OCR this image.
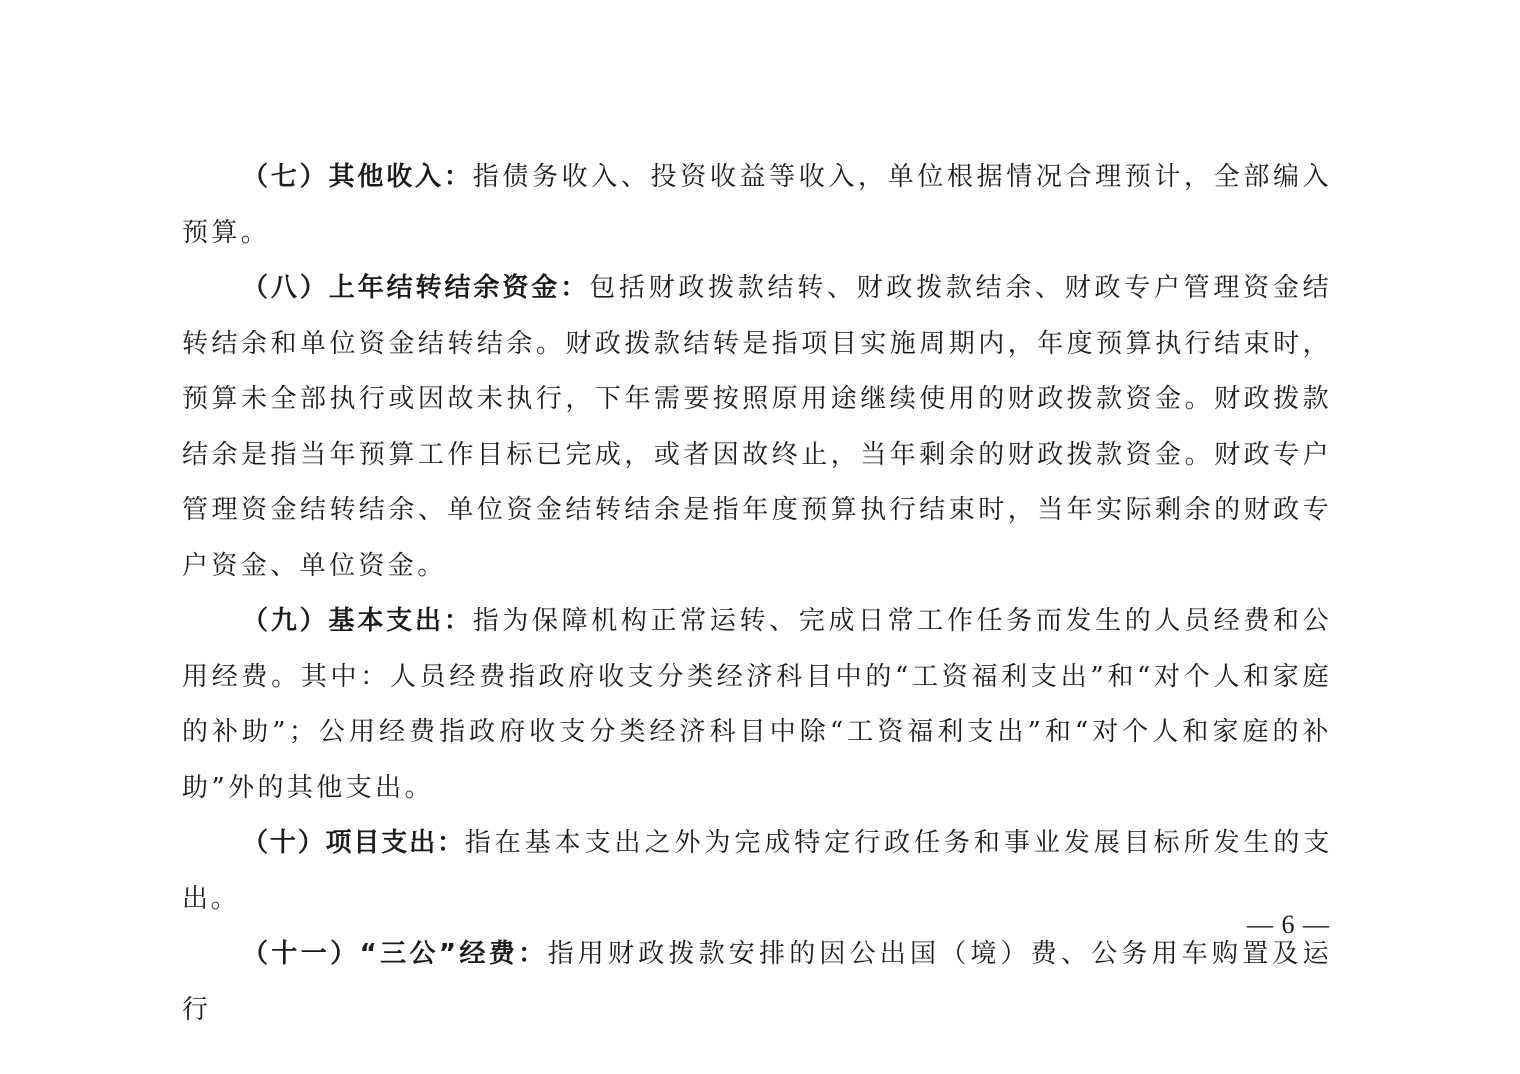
（七）其他收入：指债务收入、投资收益等收入，单位根据情况合理预计，全部编入预算。

（八）上年结转结余资金：包括财政拨款结转、财政拨款结余、财政专户管理资金结转结余和单位资金结转结余。财政拨款结转是指项目实施周期内，年度预算执行结束时，预算未全部执行或因故未执行，下年需要按照原用途继续使用的财政拨款资金。财政拨款结余是指当年预算工作目标已完成，或者因故终止，当年剩余的财政拨款资金。财政专户管理资金结转结余、单位资金结转结余是指年度预算执行结束时，当年实际剩余的财政专户资金、单位资金。

（九）基本支出：指为保障机构正常运转、完成日常工作任务而发生的人员经费和公用经费。其中：人员经费指政府收支分类经济科目中的“工资福利支出”和“对个人和家庭的补助”；公用经费指政府收支分类经济科目中除“工资福利支出”和“对个人和家庭的补助”外的其他支出。

（十）项目支出：指在基本支出之外为完成特定行政任务和事业发展目标所发生的支出。

（十一）“三公”经费：指用财政拨款安排的因公出国（境）费、公务用车购置及运行

— 6 —
